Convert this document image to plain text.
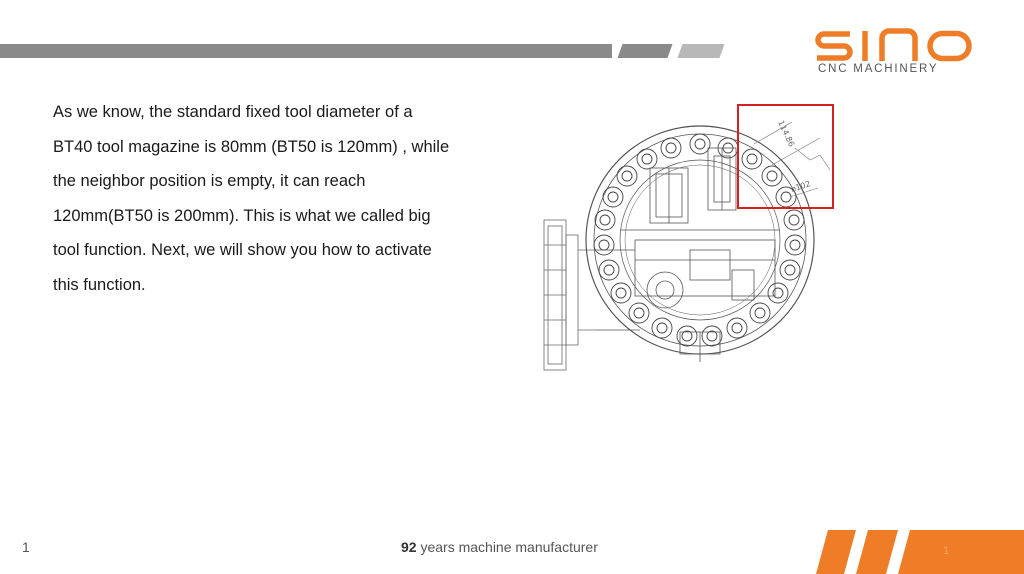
CNC MACHINERY

As we know, the standard fixed tool diameter of a BT40 tool magazine is 80mm (BT50 is 120mm) , while the neighbor position is empty, it can reach 120mm(BT50 is 200mm). This is what we called big tool function. Next, we will show you how to activate this function.

114.86
⌀102
1	92 years machine manufacturer	1
